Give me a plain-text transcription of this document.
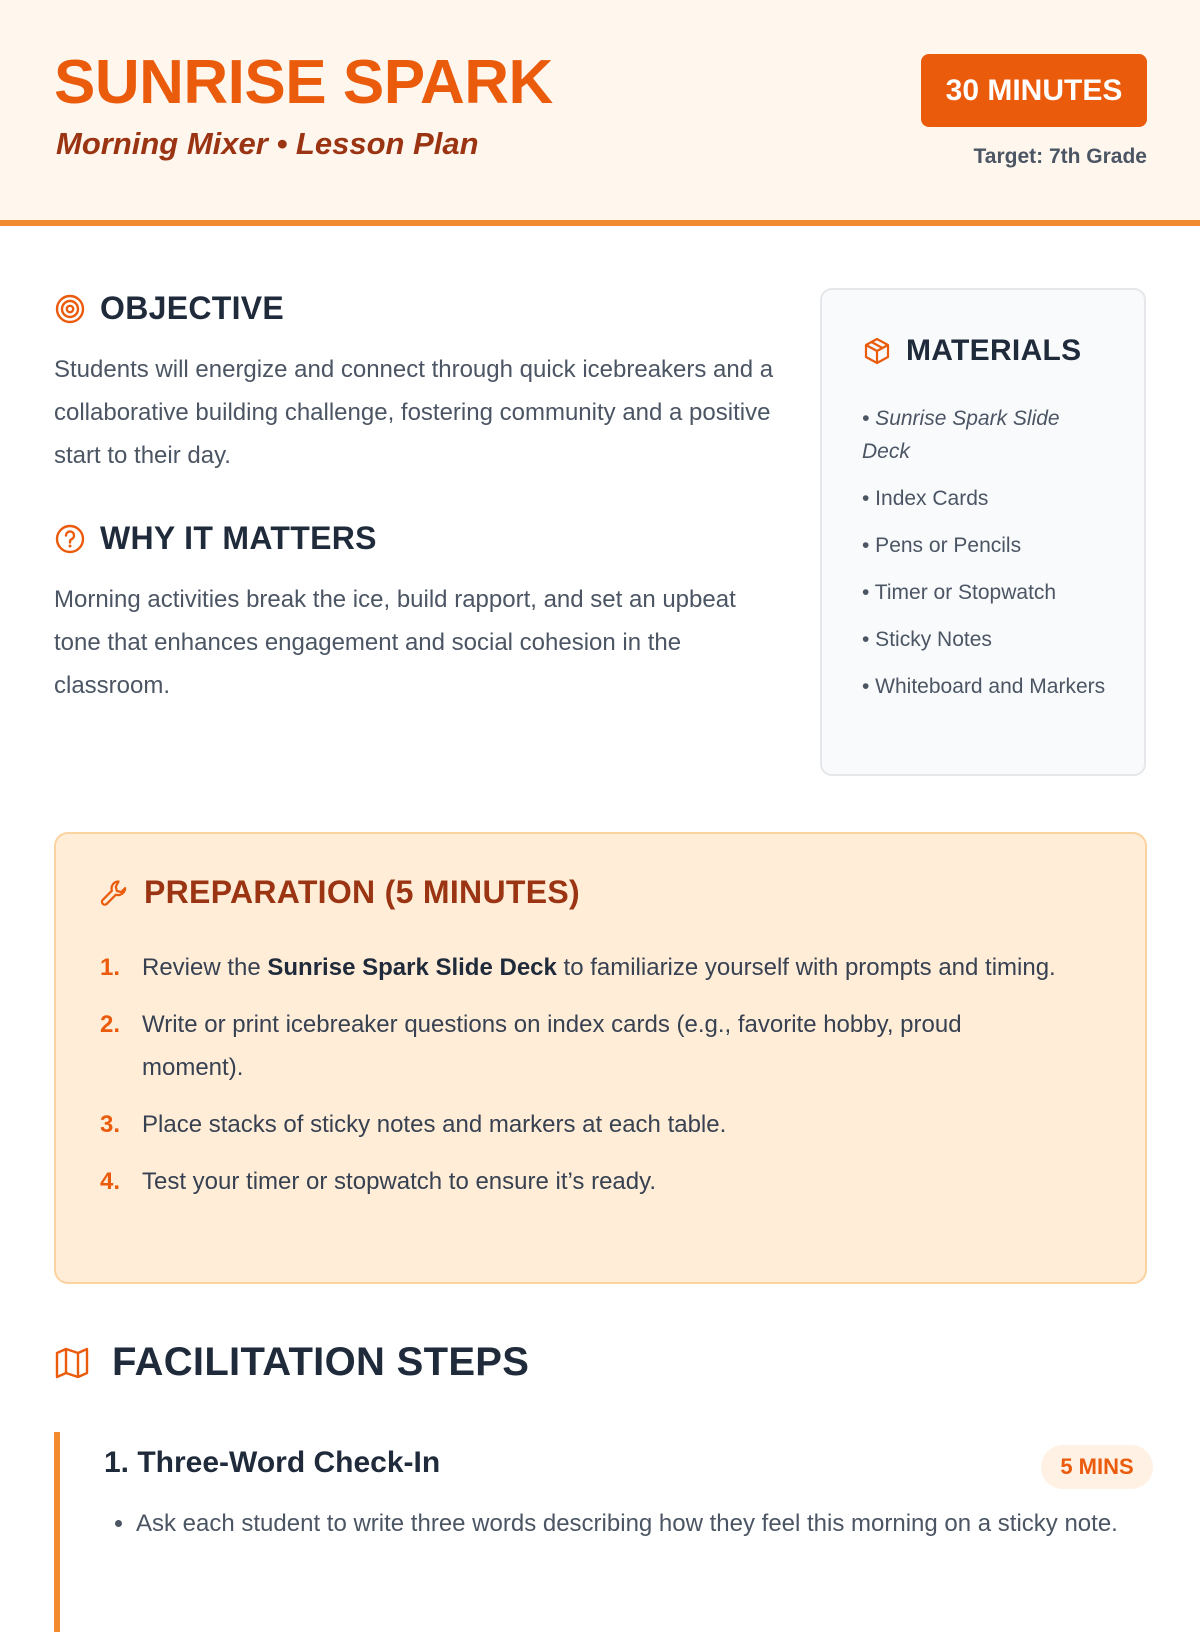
SUNRISE SPARK
Morning Mixer • Lesson Plan
30 MINUTES
Target: 7th Grade
OBJECTIVE
Students will energize and connect through quick icebreakers and a collaborative building challenge, fostering community and a positive start to their day.
WHY IT MATTERS
Morning activities break the ice, build rapport, and set an upbeat tone that enhances engagement and social cohesion in the classroom.
MATERIALS
• Sunrise Spark Slide Deck
• Index Cards
• Pens or Pencils
• Timer or Stopwatch
• Sticky Notes
• Whiteboard and Markers
PREPARATION (5 MINUTES)
1. Review the Sunrise Spark Slide Deck to familiarize yourself with prompts and timing.
2. Write or print icebreaker questions on index cards (e.g., favorite hobby, proud moment).
3. Place stacks of sticky notes and markers at each table.
4. Test your timer or stopwatch to ensure it’s ready.
FACILITATION STEPS
1. Three-Word Check-In	5 MINS
• Ask each student to write three words describing how they feel this morning on a sticky note.
